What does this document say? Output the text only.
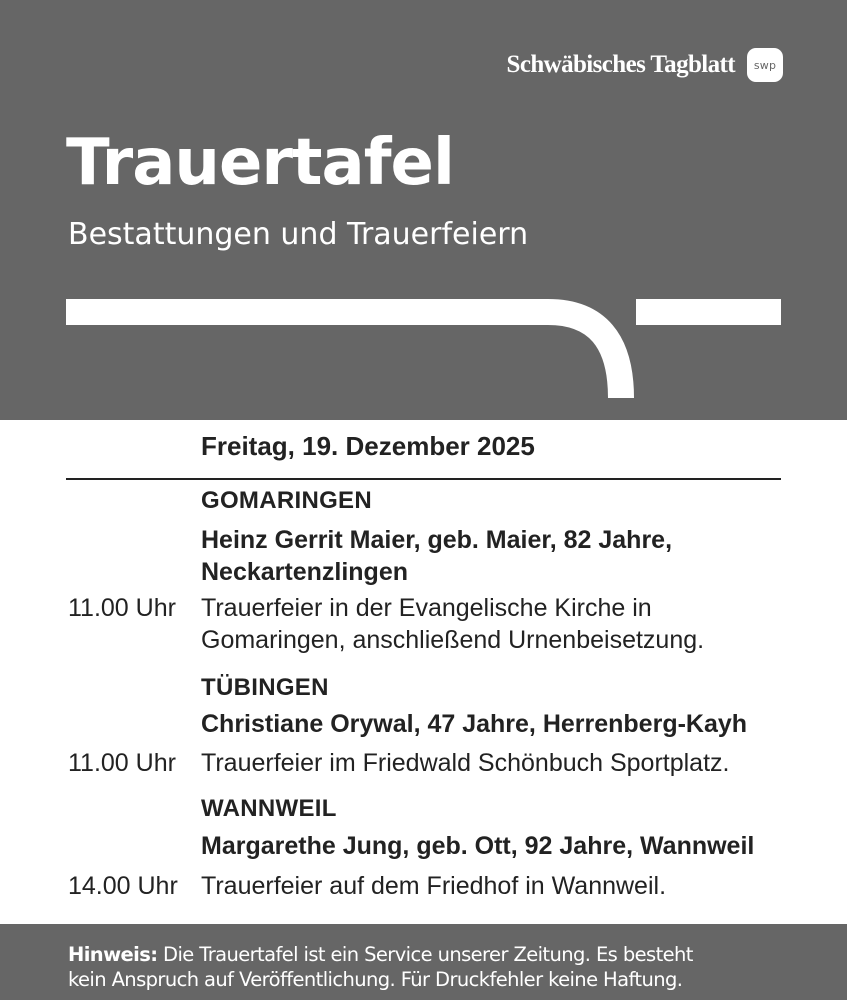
Schwäbisches Tagblatt	swp
Trauertafel
Bestattungen und Trauerfeiern
Freitag, 19. Dezember 2025
GOMARINGEN
Heinz Gerrit Maier, geb. Maier, 82 Jahre,
Neckartenzlingen
11.00 Uhr Trauerfeier in der Evangelische Kirche in
Gomaringen, anschließend Urnenbeisetzung.
TÜBINGEN
Christiane Orywal, 47 Jahre, Herrenberg-Kayh
11.00 Uhr Trauerfeier im Friedwald Schönbuch Sportplatz.
WANNWEIL
Margarethe Jung, geb. Ott, 92 Jahre, Wannweil
14.00 Uhr Trauerfeier auf dem Friedhof in Wannweil.
Hinweis: Die Trauertafel ist ein Service unserer Zeitung. Es besteht
kein Anspruch auf Veröffentlichung. Für Druckfehler keine Haftung.
